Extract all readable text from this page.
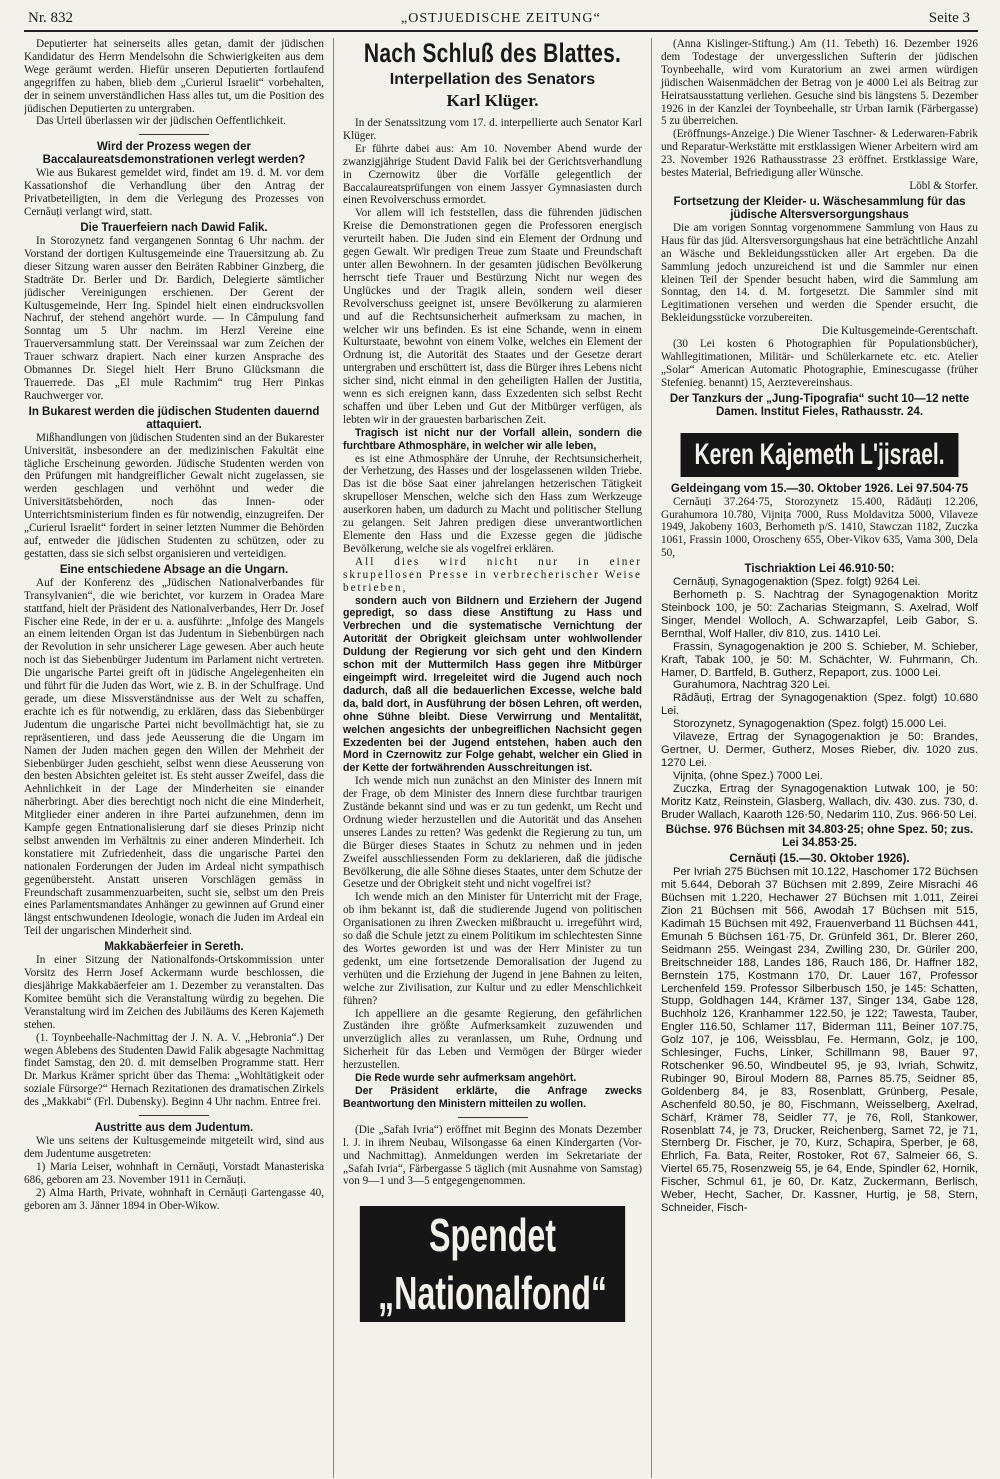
Nr. 832	„OSTJUEDISCHE ZEITUNG“	Seite 3

Deputierter hat seinerseits alles getan, damit der jüdischen Kandidatur des Herrn Mendelsohn die Schwierigkeiten aus dem Wege geräumt werden. Hiefür unseren Deputierten fortlaufend angegriffen zu haben, blieb dem „Curierul Israelit“ vorbehalten, der in seinem unverständlichen Hass alles tut, um die Position des jüdischen Deputierten zu untergraben.

Das Urteil überlassen wir der jüdischen Oeffentlichkeit.

Wird der Prozess wegen der Baccalaureatsdemonstrationen verlegt werden?

Wie aus Bukarest gemeldet wird, findet am 19. d. M. vor dem Kassationshof die Verhandlung über den Antrag der Privatbeteiligten, in dem die Verlegung des Prozesses von Cernăuți verlangt wird, statt.

Die Trauerfeiern nach Dawid Falik.

In Storozynetz fand vergangenen Sonntag 6 Uhr nachm. der Vorstand der dortigen Kultusgemeinde eine Trauersitzung ab. Zu dieser Sitzung waren ausser den Beiräten Rabbiner Ginzberg, die Stadträte Dr. Berler und Dr. Bardich, Delegierte sämtlicher jüdischer Vereinigungen erschienen. Der Gerent der Kultusgemeinde, Herr Ing. Spindel hielt einen eindrucksvollen Nachruf, der stehend angehört wurde. — In Câmpulung fand Sonntag um 5 Uhr nachm. im Herzl Vereine eine Trauerversammlung statt. Der Vereinssaal war zum Zeichen der Trauer schwarz drapiert. Nach einer kurzen Ansprache des Obmannes Dr. Siegel hielt Herr Bruno Glücksmann die Trauerrede. Das „El mule Rachmim“ trug Herr Pinkas Rauchwerger vor.

In Bukarest werden die jüdischen Studenten dauernd attaquiert.

Mißhandlungen von jüdischen Studenten sind an der Bukarester Universität, insbesondere an der medizinischen Fakultät eine tägliche Erscheinung geworden. Jüdische Studenten werden von den Prüfungen mit handgreiflicher Gewalt nicht zugelassen, sie werden geschlagen und verhöhnt und weder die Universitätsbehörden, noch das Innen- oder Unterrichtsministerium finden es für notwendig, einzugreifen. Der „Curierul Israelit“ fordert in seiner letzten Nummer die Behörden auf, entweder die jüdischen Studenten zu schützen, oder zu gestatten, dass sie sich selbst organisieren und verteidigen.

Eine entschiedene Absage an die Ungarn.

Auf der Konferenz des „Jüdischen Nationalverbandes für Transylvanien“, die wie berichtet, vor kurzem in Oradea Mare stattfand, hielt der Präsident des Nationalverbandes, Herr Dr. Josef Fischer eine Rede, in der er u. a. ausführte: „Infolge des Mangels an einem leitenden Organ ist das Judentum in Siebenbürgen nach der Revolution in sehr unsicherer Lage gewesen. Aber auch heute noch ist das Siebenbürger Judentum im Parlament nicht vertreten. Die ungarische Partei greift oft in jüdische Angelegenheiten ein und führt für die Juden das Wort, wie z. B. in der Schulfrage. Und gerade, um diese Missverständnisse aus der Welt zu schaffen, erachte ich es für notwendig, zu erklären, dass das Siebenbürger Judentum die ungarische Partei nicht bevollmächtigt hat, sie zu repräsentieren, und dass jede Aeusserung die die Ungarn im Namen der Juden machen gegen den Willen der Mehrheit der Siebenbürger Juden geschieht, selbst wenn diese Aeusserung von den besten Absichten geleitet ist. Es steht ausser Zweifel, dass die Aehnlichkeit in der Lage der Minderheiten sie einander näherbringt. Aber dies berechtigt noch nicht die eine Minderheit, Mitglieder einer anderen in ihre Partei aufzunehmen, denn im Kampfe gegen Entnationalisierung darf sie dieses Prinzip nicht selbst anwenden im Verhältnis zu einer anderen Minderheit. Ich konstatiere mit Zufriedenheit, dass die ungarische Partei den nationalen Forderungen der Juden im Ardeal nicht sympathisch gegenübersteht. Anstatt unseren Vorschlägen gemäss in Freundschaft zusammenzuarbeiten, sucht sie, selbst um den Preis eines Parlamentsmandates Anhänger zu gewinnen auf Grund einer längst entschwundenen Ideologie, wonach die Juden im Ardeal ein Teil der ungarischen Minderheit sind.

Makkabäerfeier in Sereth.

In einer Sitzung der Nationalfonds-Ortskommission unter Vorsitz des Herrn Josef Ackermann wurde beschlossen, die diesjährige Makkabäerfeier am 1. Dezember zu veranstalten. Das Komitee bemüht sich die Veranstaltung würdig zu begehen. Die Veranstaltung wird im Zeichen des Jubiläums des Keren Kajemeth stehen.

(1. Toynbeehalle-Nachmittag der J. N. A. V. „Hebronia“.) Der wegen Ablebens des Studenten Dawid Falik abgesagte Nachmittag findet Samstag, den 20. d. mit demselben Programme statt. Herr Dr. Markus Krämer spricht über das Thema: „Wohltätigkeit oder soziale Fürsorge?“ Hernach Rezitationen des dramatischen Zirkels des „Makkabi“ (Frl. Dubensky). Beginn 4 Uhr nachm. Entree frei.

Austritte aus dem Judentum.

Wie uns seitens der Kultusgemeinde mitgeteilt wird, sind aus dem Judentume ausgetreten:

1) Maria Leiser, wohnhaft in Cernăuți, Vorstadt Manasteriska 686, geboren am 23. November 1911 in Cernăuți.

2) Alma Harth, Private, wohnhaft in Cernăuți Gartengasse 40, geboren am 3. Jänner 1894 in Ober-Wikow.

Nach Schluß des Blattes.
Interpellation des Senators
Karl Klüger.

In der Senatssitzung vom 17. d. interpellierte auch Senator Karl Klüger.

Er führte dabei aus: Am 10. November Abend wurde der zwanzigjährige Student David Falik bei der Gerichtsverhandlung in Czernowitz über die Vorfälle gelegentlich der Baccalaureatsprüfungen von einem Jassyer Gymnasiasten durch einen Revolverschuss ermordet.

Vor allem will ich feststellen, dass die führenden jüdischen Kreise die Demonstrationen gegen die Professoren energisch verurteilt haben. Die Juden sind ein Element der Ordnung und gegen Gewalt. Wir predigen Treue zum Staate und Freundschaft unter allen Bewohnern. In der gesamten jüdischen Bevölkerung herrscht tiefe Trauer und Bestürzung Nicht nur wegen des Unglückes und der Tragik allein, sondern weil dieser Revolverschuss geeignet ist, unsere Bevölkerung zu alarmieren und auf die Rechtsunsicherheit aufmerksam zu machen, in welcher wir uns befinden. Es ist eine Schande, wenn in einem Kulturstaate, bewohnt von einem Volke, welches ein Element der Ordnung ist, die Autorität des Staates und der Gesetze derart untergraben und erschüttert ist, dass die Bürger ihres Lebens nicht sicher sind, nicht einmal in den geheiligten Hallen der Justitia, wenn es sich ereignen kann, dass Exzedenten sich selbst Recht schaffen und über Leben und Gut der Mitbürger verfügen, als lebten wir in der grauesten barbarischen Zeit.

Tragisch ist nicht nur der Vorfall allein, sondern die furchtbare Athmosphäre, in welcher wir alle leben,

es ist eine Athmosphäre der Unruhe, der Rechtsunsicherheit, der Verhetzung, des Hasses und der losgelassenen wilden Triebe. Das ist die böse Saat einer jahrelangen hetzerischen Tätigkeit skrupelloser Menschen, welche sich den Hass zum Werkzeuge auserkoren haben, um dadurch zu Macht und politischer Stellung zu gelangen. Seit Jahren predigen diese unverantwortlichen Elemente den Hass und die Exzesse gegen die jüdische Bevölkerung, welche sie als vogelfrei erklären.

All dies wird nicht nur in einer skrupellosen Presse in verbrecherischer Weise betrieben,

sondern auch von Bildnern und Erziehern der Jugend gepredigt, so dass diese Anstiftung zu Hass und Verbrechen und die systematische Vernichtung der Autorität der Obrigkeit gleichsam unter wohlwollender Duldung der Regierung vor sich geht und den Kindern schon mit der Muttermilch Hass gegen ihre Mitbürger eingeimpft wird. Irregeleitet wird die Jugend auch noch dadurch, daß all die bedauerlichen Excesse, welche bald da, bald dort, in Ausführung der bösen Lehren, oft werden, ohne Sühne bleibt. Diese Verwirrung und Mentalität, welchen angesichts der unbegreiflichen Nachsicht gegen Exzedenten bei der Jugend entstehen, haben auch den Mord in Czernowitz zur Folge gehabt, welcher ein Glied in der Kette der fortwährenden Ausschreitungen ist.

Ich wende mich nun zunächst an den Minister des Innern mit der Frage, ob dem Minister des Innern diese furchtbar traurigen Zustände bekannt sind und was er zu tun gedenkt, um Recht und Ordnung wieder herzustellen und die Autorität und das Ansehen unseres Landes zu retten? Was gedenkt die Regierung zu tun, um die Bürger dieses Staates in Schutz zu nehmen und in jeden Zweifel ausschliessenden Form zu deklarieren, daß die jüdische Bevölkerung, die alle Söhne dieses Staates, unter dem Schutze der Gesetze und der Obrigkeit steht und nicht vogelfrei ist?

Ich wende mich an den Minister für Unterricht mit der Frage, ob ihm bekannt ist, daß die studierende Jugend von politischen Organisationen zu ihren Zwecken mißbraucht u. irregeführt wird, so daß die Schule jetzt zu einem Politikum im schlechtesten Sinne des Wortes geworden ist und was der Herr Minister zu tun gedenkt, um eine fortsetzende Demoralisation der Jugend zu verhüten und die Erziehung der Jugend in jene Bahnen zu leiten, welche zur Zivilisation, zur Kultur und zu edler Menschlichkeit führen?

Ich appelliere an die gesamte Regierung, den gefährlichen Zuständen ihre größte Aufmerksamkeit zuzuwenden und unverzüglich alles zu veranlassen, um Ruhe, Ordnung und Sicherheit für das Leben und Vermögen der Bürger wieder herzustellen.

Die Rede wurde sehr aufmerksam angehört.

Der Präsident erklärte, die Anfrage zwecks Beantwortung den Ministern mitteilen zu wollen.

(Die „Safah Ivria“) eröffnet mit Beginn des Monats Dezember l. J. in ihrem Neubau, Wilsongasse 6a einen Kindergarten (Vor- und Nachmittag). Anmeldungen werden im Sekretariate der „Safah Ivria“, Färbergasse 5 täglich (mit Ausnahme von Samstag) von 9—1 und 3—5 entgegengenommen.

Spendet „Nationalfond“

(Anna Kislinger-Stiftung.) Am (11. Tebeth) 16. Dezember 1926 dem Todestage der unvergesslichen Sufterin der jüdischen Toynbeehalle, wird vom Kuratorium an zwei armen würdigen jüdischen Waisenmädchen der Betrag von je 4000 Lei als Beitrag zur Heiratsausstattung verliehen. Gesuche sind bis längstens 5. Dezember 1926 in der Kanzlei der Toynbeehalle, str Urban Iarnik (Färbergasse) 5 zu überreichen.

(Eröffnungs-Anzeige.) Die Wiener Taschner- & Lederwaren-Fabrik und Reparatur-Werkstätte mit erstklassigen Wiener Arbeitern wird am 23. November 1926 Rathausstrasse 23 eröffnet. Erstklassige Ware, bestes Material, Befriedigung aller Wünsche.

Löbl & Storfer.

Fortsetzung der Kleider- u. Wäschesammlung für das jüdische Altersversorgungshaus

Die am vorigen Sonntag vorgenommene Sammlung von Haus zu Haus für das jüd. Altersversorgungshaus hat eine beträchtliche Anzahl an Wäsche und Bekleidungsstücken aller Art ergeben. Da die Sammlung jedoch unzureichend ist und die Sammler nur einen kleinen Teil der Spender besucht haben, wird die Sammlung am Sonntag, den 14. d. M. fortgesetzt. Die Sammler sind mit Legitimationen versehen und werden die Spender ersucht, die Bekleidungsstücke vorzubereiten.

Die Kultusgemeinde-Gerentschaft.

(30 Lei kosten 6 Photographien für Populationsbücher), Wahllegitimationen, Militär- und Schülerkarnete etc. etc. Atelier „Solar“ American Automatic Photographie, Eminescugasse (früher Stefenieg. benannt) 15, Aerztevereinshaus.

Der Tanzkurs der „Jung-Tipografia“ sucht 10—12 nette Damen. Institut Fieles, Rathausstr. 24.

Keren Kajemeth L'jisrael.

Geldeingang vom 15.—30. Oktober 1926. Lei 97.504·75

Cernăuți 37.264·75, Storozynetz 15.400, Rădăuți 12.206, Gurahumora 10.780, Vijnița 7000, Russ Moldavitza 5000, Vilaveze 1949, Jakobeny 1603, Berhometh p/S. 1410, Stawczan 1182, Zuczka 1061, Frassin 1000, Oroscheny 655, Ober-Vikov 635, Vama 300, Dela 50,

Tischriaktion Lei 46.910·50:

Cernăuți, Synagogenaktion (Spez. folgt) 9264 Lei.

Berhometh p. S. Nachtrag der Synagogenaktion Moritz Steinbock 100, je 50: Zacharias Steigmann, S. Axelrad, Wolf Singer, Mendel Wolloch, A. Schwarzapfel, Leib Gabor, S. Bernthal, Wolf Haller, div 810, zus. 1410 Lei.

Frassin, Synagogenaktion je 200 S. Schieber, M. Schieber, Kraft, Tabak 100, je 50: M. Schächter, W. Fuhrmann, Ch. Hamer, D. Bartfeld, B. Gutherz, Repaport, zus. 1000 Lei.

Gurahumora, Nachtrag 320 Lei.

Rădăuți, Ertrag der Synagogenaktion (Spez. folgt) 10.680 Lei.

Storozynetz, Synagogenaktion (Spez. folgt) 15.000 Lei.

Vilaveze, Ertrag der Synagogenaktion je 50: Brandes, Gertner, U. Dermer, Gutherz, Moses Rieber, div. 1020 zus. 1270 Lei.

Vijnița, (ohne Spez.) 7000 Lei.

Zuczka, Ertrag der Synagogenaktion Lutwak 100, je 50: Moritz Katz, Reinstein, Glasberg, Wallach, div. 430. zus. 730, d. Bruder Wallach, Kaaroth 126·50, Nedarim 110, Zus. 966·50 Lei.

Büchse. 976 Büchsen mit 34.803·25; ohne Spez. 50; zus. Lei 34.853·25.

Cernăuți (15.—30. Oktober 1926).

Per Ivriah 275 Büchsen mit 10.122, Haschomer 172 Büchsen mit 5.644, Deborah 37 Büchsen mit 2.899, Zeire Misrachi 46 Büchsen mit 1.220, Hechawer 27 Büchsen mit 1.011, Zeirei Zion 21 Büchsen mit 566, Awodah 17 Büchsen mit 515, Kadimah 15 Büchsen mit 492, Frauenverband 11 Büchsen 441, Emunah 5 Büchsen 161·75, Dr. Grünfeld 361, Dr. Blerer 260, Seidmann 255. Weingast 234, Zwilling 230, Dr. Güriler 200, Breitschneider 188, Landes 186, Rauch 186, Dr. Haffner 182, Bernstein 175, Kostmann 170, Dr. Lauer 167, Professor Lerchenfeld 159. Professor Silberbusch 150, je 145: Schatten, Stupp, Goldhagen 144, Krämer 137, Singer 134, Gabe 128, Buchholz 126, Kranhammer 122.50, je 122; Tawesta, Tauber, Engler 116.50, Schlamer 117, Biderman 111, Beiner 107.75, Golz 107, je 106, Weissblau, Fe. Hermann, Golz, je 100, Schlesinger, Fuchs, Linker, Schillmann 98, Bauer 97, Rotschenker 96.50, Windbeutel 95, je 93, Ivriah, Schwitz, Rubinger 90, Biroul Modern 88, Parnes 85.75, Seidner 85, Goldenberg 84, je 83, Rosenblatt, Grünberg, Pesale, Aschenfeld 80.50, je 80, Fischmann, Weisselberg, Axelrad, Schärf, Krämer 78, Seidler 77, je 76, Roll, Stankower, Rosenblatt 74, je 73, Drucker, Reichenberg, Samet 72, je 71, Sternberg Dr. Fischer, je 70, Kurz, Schapira, Sperber, je 68, Ehrlich, Fa. Bata, Reiter, Rostoker, Rot 67, Salmeier 66, S. Viertel 65.75, Rosenzweig 55, je 64, Ende, Spindler 62, Hornik, Fischer, Schmul 61, je 60, Dr. Katz, Zuckermann, Berlisch, Weber, Hecht, Sacher, Dr. Kassner, Hurtig, je 58, Stern, Schneider, Fisch-
